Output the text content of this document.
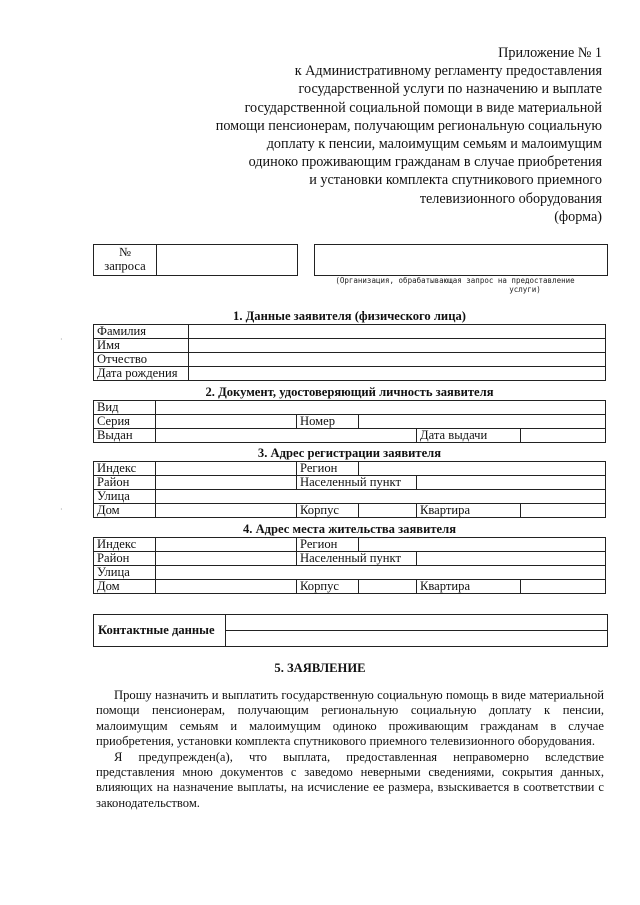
Приложение № 1
к Административному регламенту предоставления
государственной услуги по назначению и выплате
государственной социальной помощи в виде материальной
помощи пенсионерам, получающим региональную социальную
доплату к пенсии, малоимущим семьям и малоимущим
одиноко проживающим гражданам в случае приобретения
и установки комплекта спутникового приемного
телевизионного оборудования
(форма)
№
запроса
(Организация, обрабатывающая запрос на предоставление
услуги)
1. Данные заявителя (физического лица)
Фамилия	
Имя	
Отчество	
Дата рождения	
2. Документ, удостоверяющий личность заявителя
Вид					
Серия		Номер			
Выдан				Дата выдачи	
3. Адрес регистрации заявителя
Индекс		Регион			
Район		Населенный пункт			
Улица					
Дом		Корпус		Квартира	
4. Адрес места жительства заявителя
Индекс		Регион			
Район		Населенный пункт			
Улица					
Дом		Корпус		Квартира	
Контактные данные
5. ЗАЯВЛЕНИЕ

Прошу назначить и выплатить государственную социальную помощь в виде материальной помощи пенсионерам, получающим региональную социальную доплату к пенсии, малоимущим семьям и малоимущим одиноко проживающим гражданам в случае приобретения, установки комплекта спутникового приемного телевизионного оборудования.

Я предупрежден(а), что выплата, предоставленная неправомерно вследствие представления мною документов с заведомо неверными сведениями, сокрытия данных, влияющих на назначение выплаты, на исчисление ее размера, взыскивается в соответствии с законодательством.

·
·
